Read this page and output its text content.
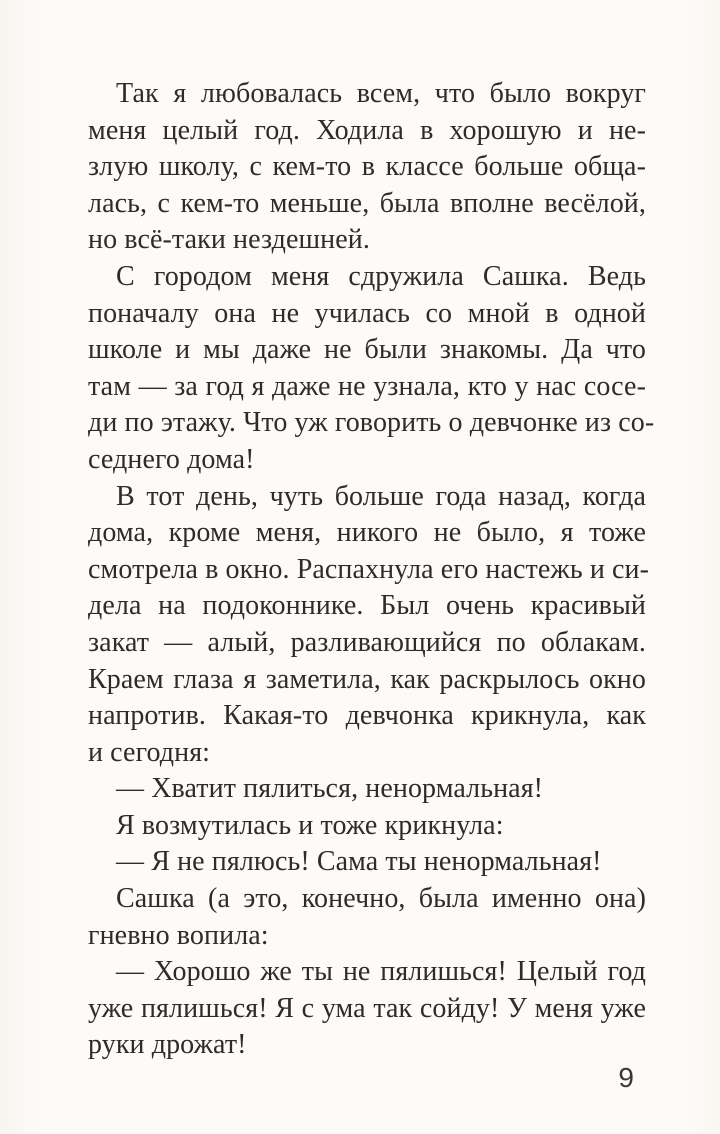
Так я любовалась всем, что было вокруг
меня целый год. Ходила в хорошую и не-
злую школу, с кем-то в классе больше обща-
лась, с кем-то меньше, была вполне весёлой,
но всё-таки нездешней.
С городом меня сдружила Сашка. Ведь
поначалу она не училась со мной в одной
школе и мы даже не были знакомы. Да что
там — за год я даже не узнала, кто у нас сосе-
ди по этажу. Что уж говорить о девчонке из со-
седнего дома!
В тот день, чуть больше года назад, когда
дома, кроме меня, никого не было, я тоже
смотрела в окно. Распахнула его настежь и си-
дела на подоконнике. Был очень красивый
закат — алый, разливающийся по облакам.
Краем глаза я заметила, как раскрылось окно
напротив. Какая-то девчонка крикнула, как
и сегодня:
— Хватит пялиться, ненормальная!
Я возмутилась и тоже крикнула:
— Я не пялюсь! Сама ты ненормальная!
Сашка (а это, конечно, была именно она)
гневно вопила:
— Хорошо же ты не пялишься! Целый год
уже пялишься! Я с ума так сойду! У меня уже
руки дрожат!
9
